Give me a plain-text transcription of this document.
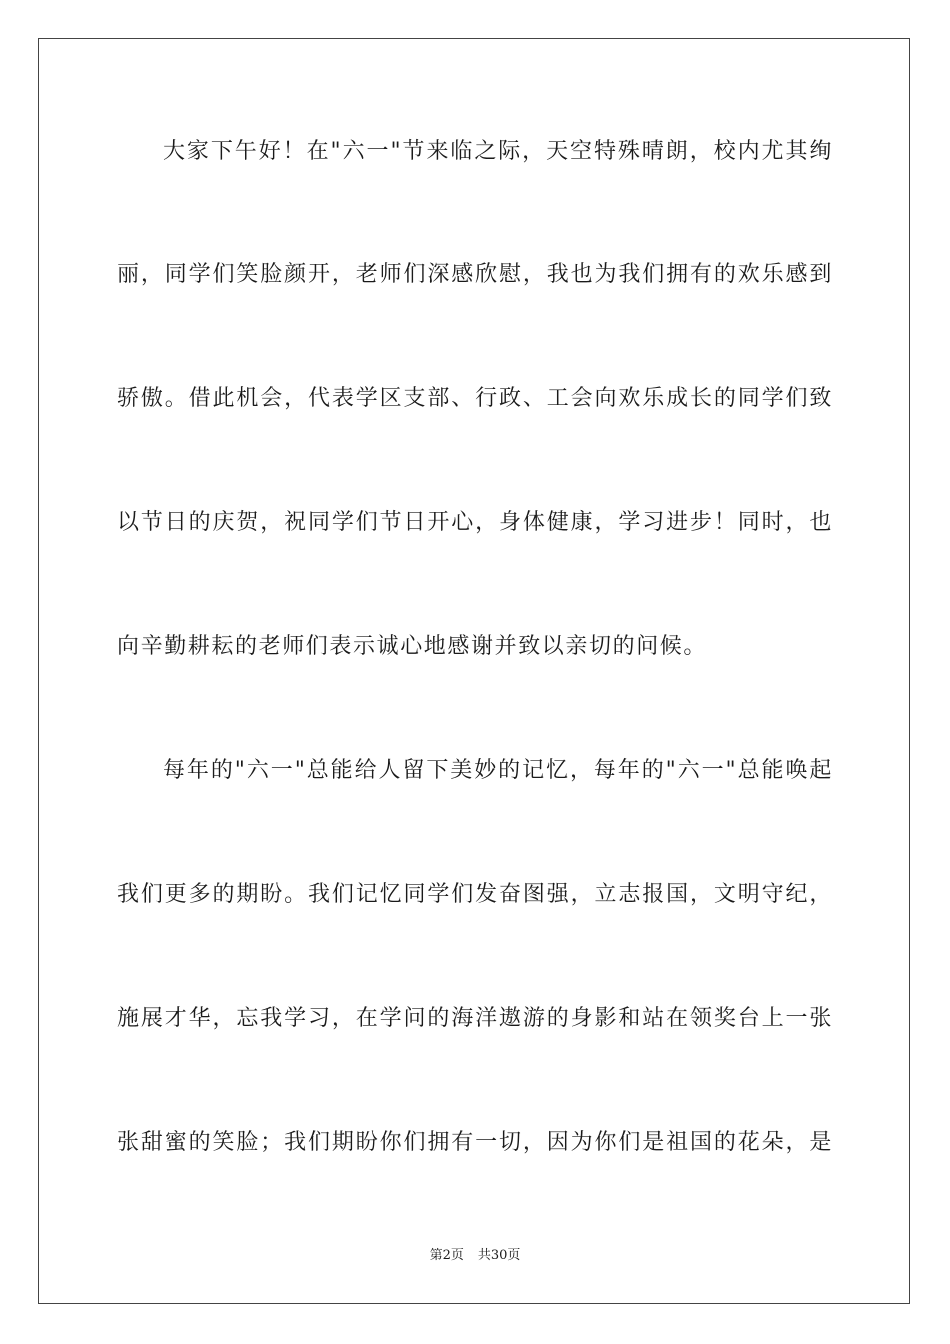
大家下午好！在"六一"节来临之际，天空特殊晴朗，校内尤其绚
丽，同学们笑脸颜开，老师们深感欣慰，我也为我们拥有的欢乐感到
骄傲。借此机会，代表学区支部、行政、工会向欢乐成长的同学们致
以节日的庆贺，祝同学们节日开心，身体健康，学习进步！同时，也
向辛勤耕耘的老师们表示诚心地感谢并致以亲切的问候。
每年的"六一"总能给人留下美妙的记忆，每年的"六一"总能唤起
我们更多的期盼。我们记忆同学们发奋图强，立志报国，文明守纪，
施展才华，忘我学习，在学问的海洋遨游的身影和站在领奖台上一张
张甜蜜的笑脸；我们期盼你们拥有一切，因为你们是祖国的花朵，是
第2页 共30页
